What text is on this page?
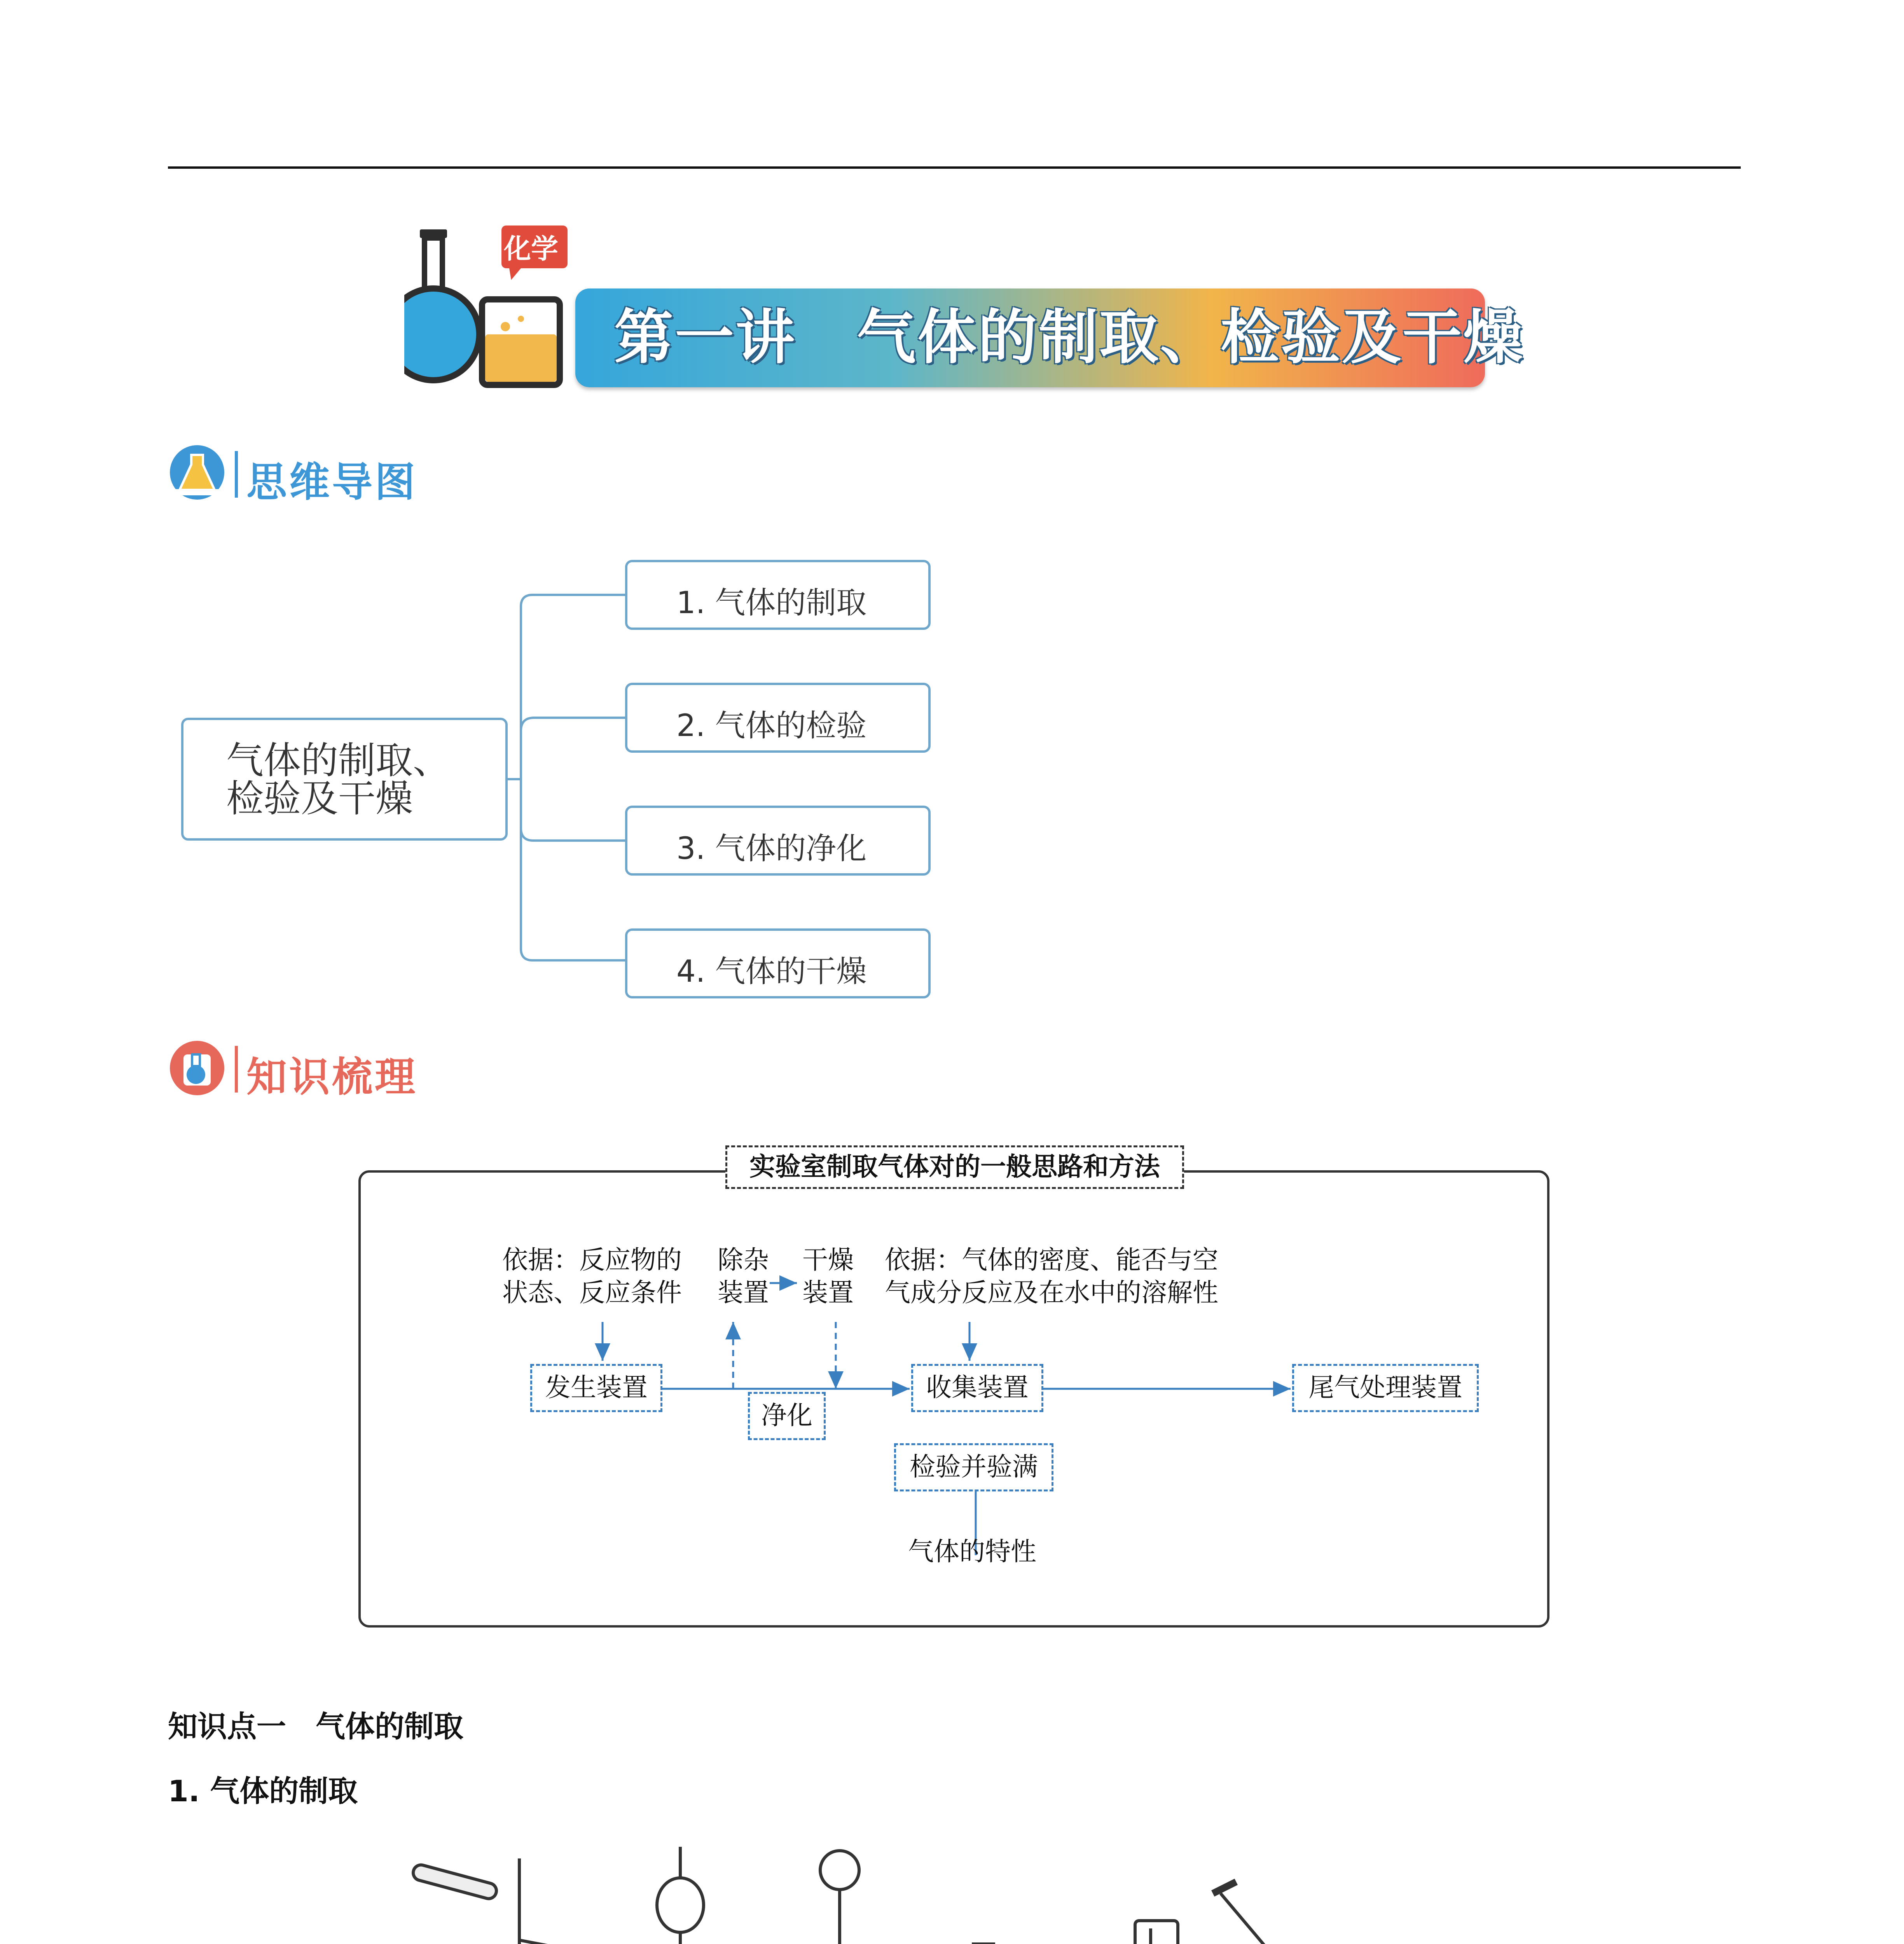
化学
第一讲　气体的制取、检验及干燥
思维导图
气体的制取、
检验及干燥
1. 气体的制取
2. 气体的检验
3. 气体的净化
4. 气体的干燥
知识梳理
实验室制取气体对的一般思路和方法
依据：反应物的
状态、反应条件
除杂
装置
干燥
装置
依据：气体的密度、能否与空
气成分反应及在水中的溶解性
发生装置
净化
收集装置	尾气处理装置
检验并验满
气体的特性
知识点一　气体的制取
1. 气体的制取
